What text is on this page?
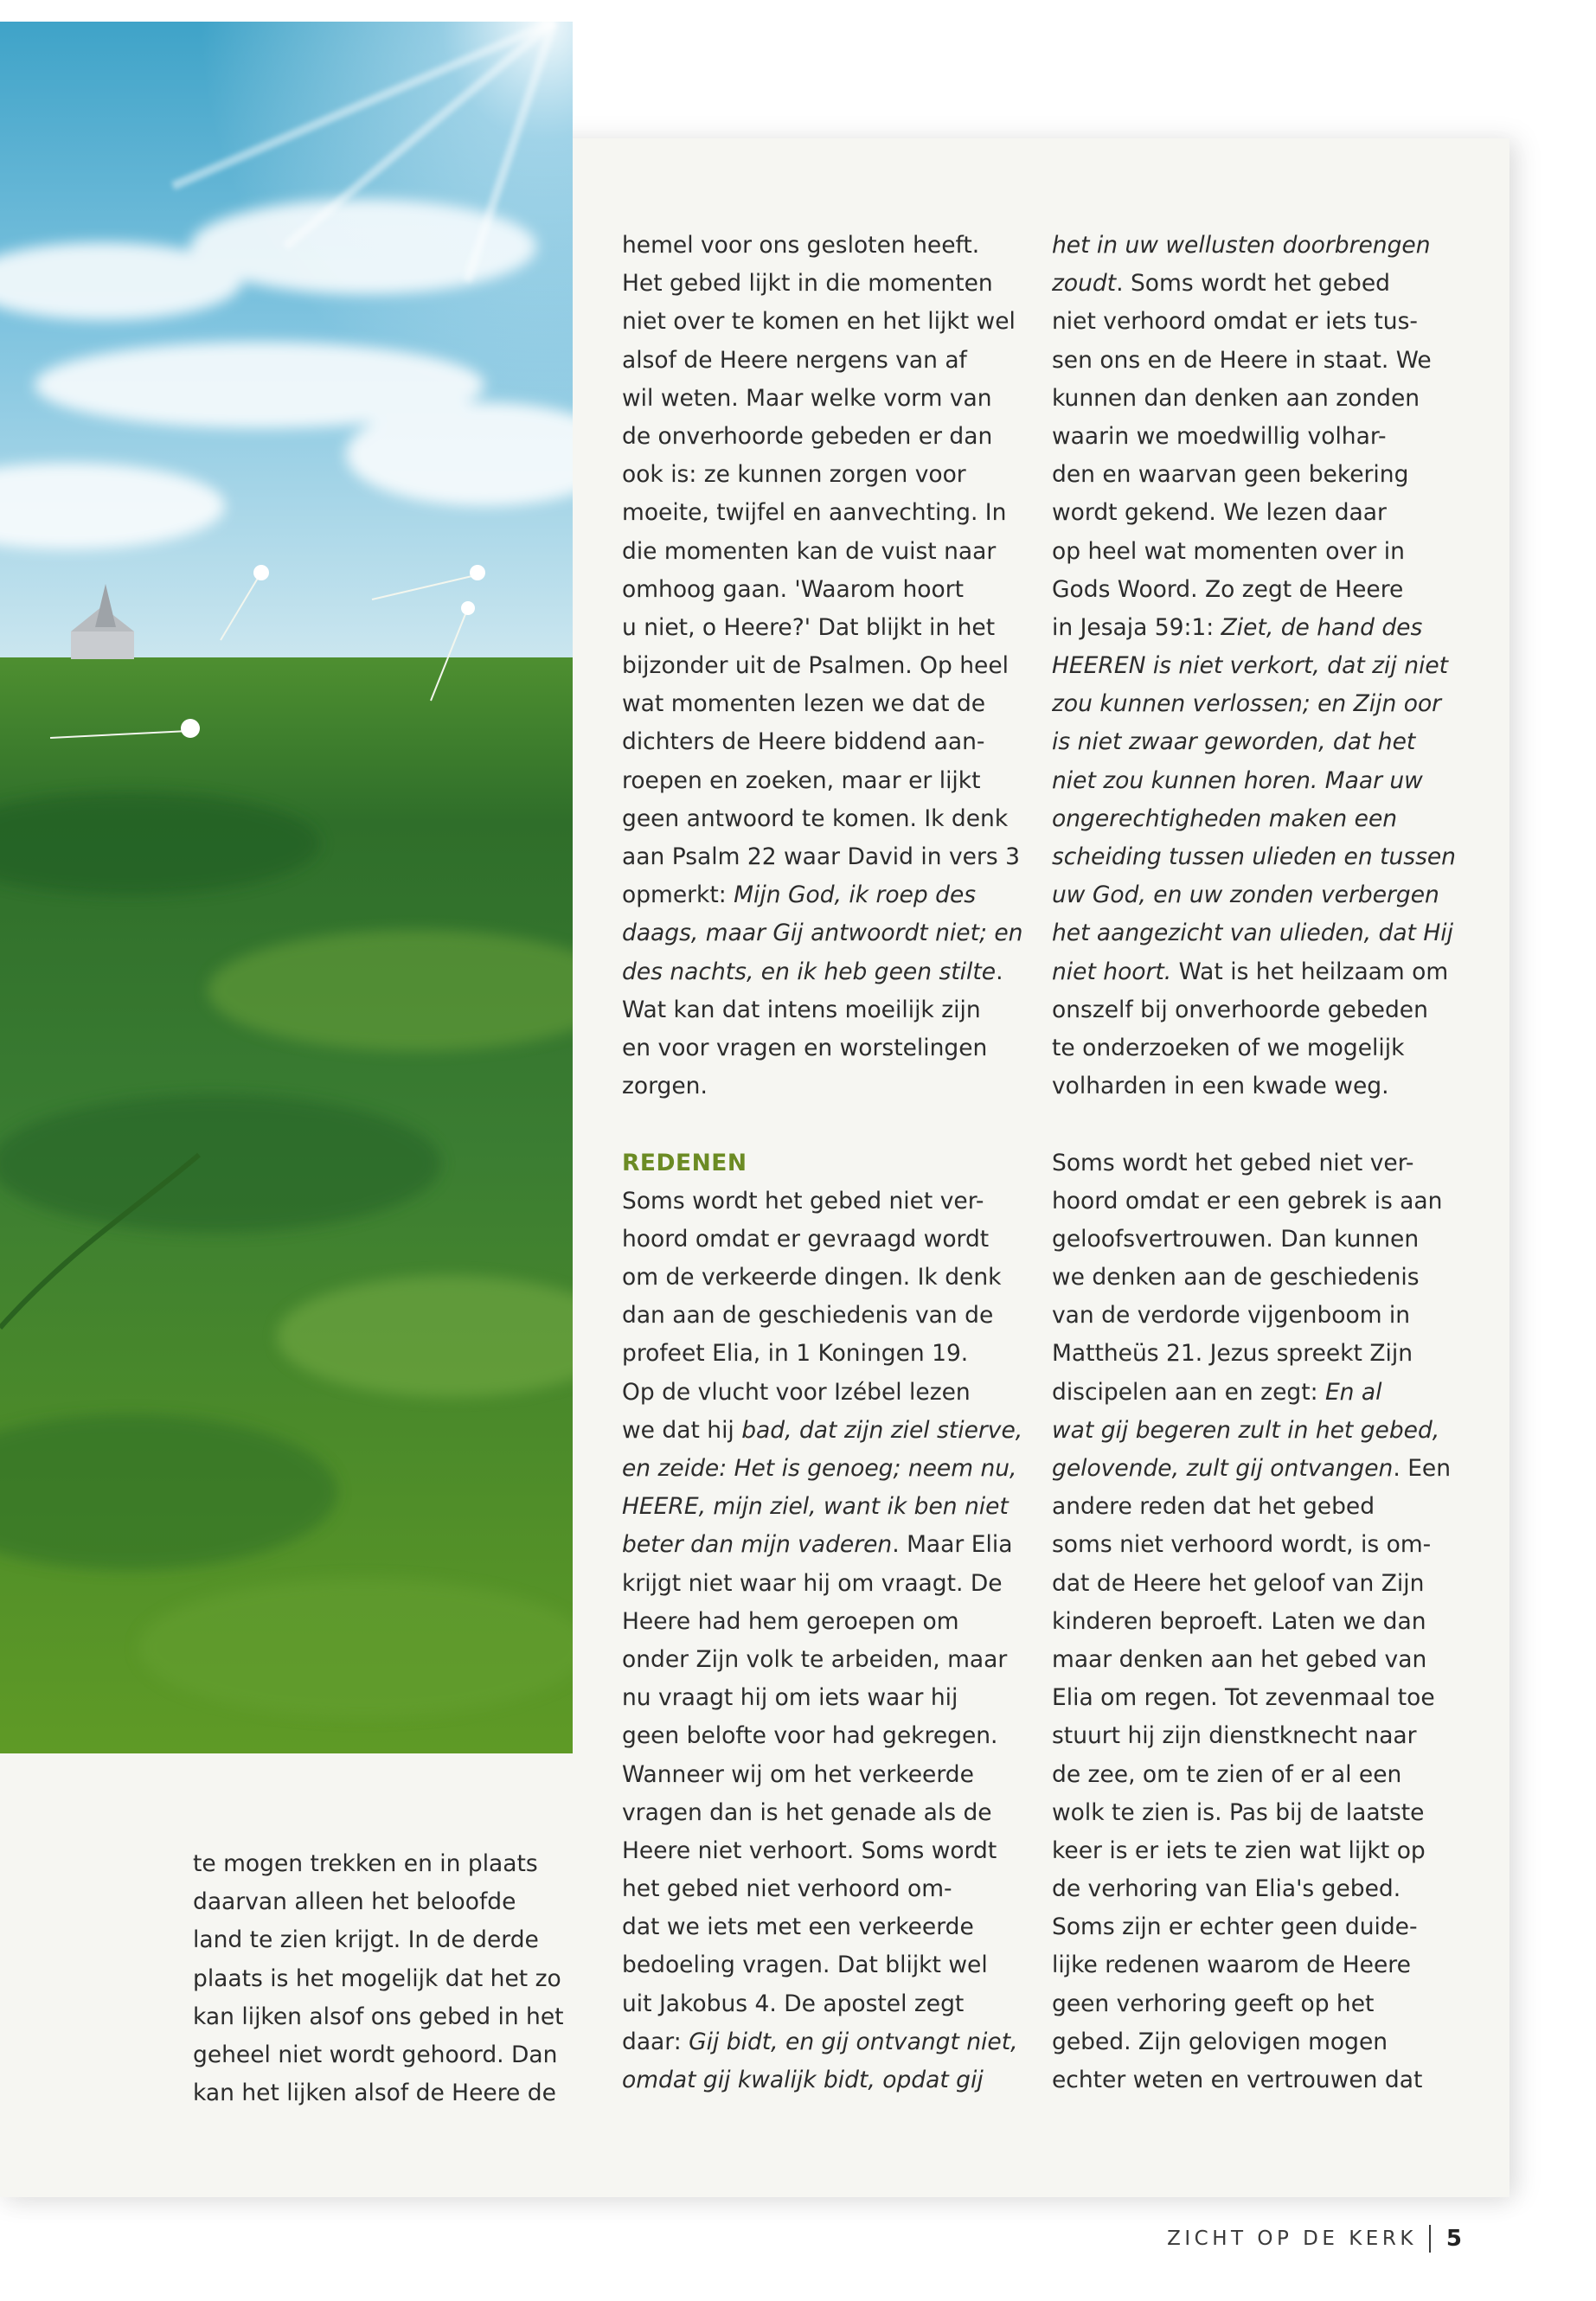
te mogen trekken en in plaats
daarvan alleen het beloofde
land te zien krijgt. In de derde
plaats is het mogelijk dat het zo
kan lijken alsof ons gebed in het
geheel niet wordt gehoord. Dan
kan het lijken alsof de Heere de
hemel voor ons gesloten heeft.
Het gebed lijkt in die momenten
niet over te komen en het lijkt wel
alsof de Heere nergens van af
wil weten. Maar welke vorm van
de onverhoorde gebeden er dan
ook is: ze kunnen zorgen voor
moeite, twijfel en aanvechting. In
die momenten kan de vuist naar
omhoog gaan. 'Waarom hoort
u niet, o Heere?' Dat blijkt in het
bijzonder uit de Psalmen. Op heel
wat momenten lezen we dat de
dichters de Heere biddend aan-
roepen en zoeken, maar er lijkt
geen antwoord te komen. Ik denk
aan Psalm 22 waar David in vers 3
opmerkt: Mijn God, ik roep des
daags, maar Gij antwoordt niet; en
des nachts, en ik heb geen stilte.
Wat kan dat intens moeilijk zijn
en voor vragen en worstelingen
zorgen.
REDENEN
Soms wordt het gebed niet ver-
hoord omdat er gevraagd wordt
om de verkeerde dingen. Ik denk
dan aan de geschiedenis van de
profeet Elia, in 1 Koningen 19.
Op de vlucht voor Izébel lezen
we dat hij bad, dat zijn ziel stierve,
en zeide: Het is genoeg; neem nu,
HEERE, mijn ziel, want ik ben niet
beter dan mijn vaderen. Maar Elia
krijgt niet waar hij om vraagt. De
Heere had hem geroepen om
onder Zijn volk te arbeiden, maar
nu vraagt hij om iets waar hij
geen belofte voor had gekregen.
Wanneer wij om het verkeerde
vragen dan is het genade als de
Heere niet verhoort. Soms wordt
het gebed niet verhoord om-
dat we iets met een verkeerde
bedoeling vragen. Dat blijkt wel
uit Jakobus 4. De apostel zegt
daar: Gij bidt, en gij ontvangt niet,
omdat gij kwalijk bidt, opdat gij
het in uw wellusten doorbrengen
zoudt. Soms wordt het gebed
niet verhoord omdat er iets tus-
sen ons en de Heere in staat. We
kunnen dan denken aan zonden
waarin we moedwillig volhar-
den en waarvan geen bekering
wordt gekend. We lezen daar
op heel wat momenten over in
Gods Woord. Zo zegt de Heere
in Jesaja 59:1: Ziet, de hand des
HEEREN is niet verkort, dat zij niet
zou kunnen verlossen; en Zijn oor
is niet zwaar geworden, dat het
niet zou kunnen horen. Maar uw
ongerechtigheden maken een
scheiding tussen ulieden en tussen
uw God, en uw zonden verbergen
het aangezicht van ulieden, dat Hij
niet hoort. Wat is het heilzaam om
onszelf bij onverhoorde gebeden
te onderzoeken of we mogelijk
volharden in een kwade weg.
Soms wordt het gebed niet ver-
hoord omdat er een gebrek is aan
geloofsvertrouwen. Dan kunnen
we denken aan de geschiedenis
van de verdorde vijgenboom in
Mattheüs 21. Jezus spreekt Zijn
discipelen aan en zegt: En al
wat gij begeren zult in het gebed,
gelovende, zult gij ontvangen. Een
andere reden dat het gebed
soms niet verhoord wordt, is om-
dat de Heere het geloof van Zijn
kinderen beproeft. Laten we dan
maar denken aan het gebed van
Elia om regen. Tot zevenmaal toe
stuurt hij zijn dienstknecht naar
de zee, om te zien of er al een
wolk te zien is. Pas bij de laatste
keer is er iets te zien wat lijkt op
de verhoring van Elia's gebed.
Soms zijn er echter geen duide-
lijke redenen waarom de Heere
geen verhoring geeft op het
gebed. Zijn gelovigen mogen
echter weten en vertrouwen dat
ZICHT OP DE KERK 5
